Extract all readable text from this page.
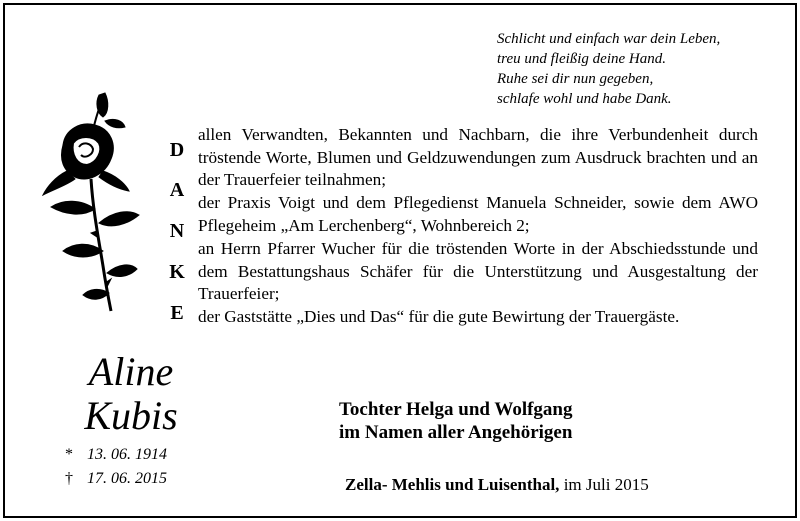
Schlicht und einfach war dein Leben,
treu und fleißig deine Hand.
Ruhe sei dir nun gegeben,
schlafe wohl und habe Dank.
D
A
N
K
E

allen Verwandten, Bekannten und Nachbarn, die ihre Verbundenheit durch tröstende Worte, Blumen und Geldzuwendungen zum Ausdruck brachten und an der Trauerfeier teilnahmen;

der Praxis Voigt und dem Pflegedienst Manuela Schneider, sowie dem AWO Pflegeheim „Am Lerchenberg“, Wohnbereich 2;

an Herrn Pfarrer Wucher für die tröstenden Worte in der Abschiedsstunde und dem Bestattungshaus Schäfer für die Unterstützung und Ausgestaltung der Trauerfeier;

der Gaststätte „Dies und Das“ für die gute Bewirtung der Trauergäste.

Aline
Kubis
* 13. 06. 1914
† 17. 06. 2015
Tochter Helga und Wolfgang
im Namen aller Angehörigen
Zella- Mehlis und Luisenthal, im Juli 2015
